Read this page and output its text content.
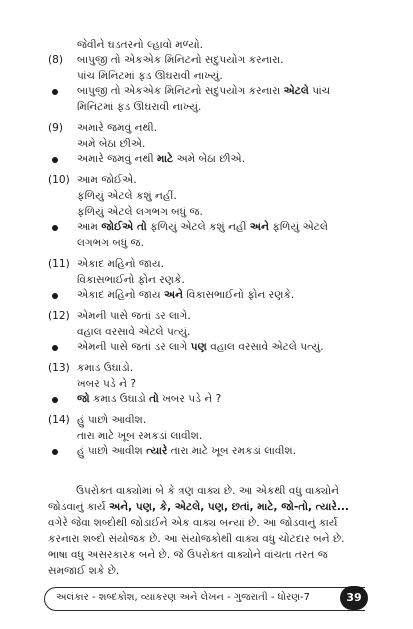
જેવીને ઘડતરનો લ્હાવો મળ્યો.
(8) બાપુજી તો એકએક મિનિટનો સદુપયોગ કરનારા.
પાંચ મિનિટમાં ફડ ઊઘરાવી નાખ્યું.
બાપુજી તો એકએક મિનિટનો સદુપયોગ કરનારા એટલે પાંચ
મિનિટમાં ફડ ઊઘરાવી નાખ્યું.
(9) અમારે જમવું નથી.
અમે બેઠા છીએ.
અમારે જમવું નથી માટે અમે બેઠા છીએ.
(10) આમ જોઈએ.
ફળિયું એટલે કશું નહીં.
ફળિયું એટલે લગભગ બધું જ.
આમ જોઈએ તો ફળિયું એટલે કશું નહીં અને ફળિયું એટલે
લગભગ બધું જ.
(11) એકાદ મહિનો જાય.
વિકાસભાઈનો ફોન રણકે.
એકાદ મહિનો જાય અને વિકાસભાઈનો ફોન રણકે.
(12) એમની પાસે જતાં ડર લાગે.
વહાલ વરસાવે એટલે પત્યું.
એમની પાસે જતાં ડર લાગે પણ વહાલ વરસાવે એટલે પત્યું.
(13) કમાડ ઉઘાડો.
ખબર પડે ને ?
જો કમાડ ઉઘાડો તો ખબર પડે ને ?
(14) હું પાછો આવીશ.
તારા માટે ખૂબ રમકડાં લાવીશ.
હું પાછો આવીશ ત્યારે તારા માટે ખૂબ રમકડાં લાવીશ.
ઉપરોક્ત વાક્યોમાં બે કે ત્રણ વાક્ય છે. આ એકથી વધુ વાક્યોને
જોડવાનું કાર્ય અને, પણ, કે, એટલે, પણ, છતાં, માટે, જો-તો, ત્યારે...
વગેરે જેવા શબ્દોથી જોડાઈને એક વાક્ય બન્યાં છે. આ જોડવાનું કાર્ય
કરનારા શબ્દો સંયોજક છે. આ સંયોજકોથી વાક્ય વધુ ચોટદાર બને છે.
ભાષા વધુ અસરકારક બને છે. જે ઉપરોક્ત વાક્યોને વાંચતા તરત જ
સમજાઈ શકે છે.
અલંકાર - શબ્દકોશ, વ્યાકરણ અને લેખન - ગુજરાતી - ધોરણ-7	39
